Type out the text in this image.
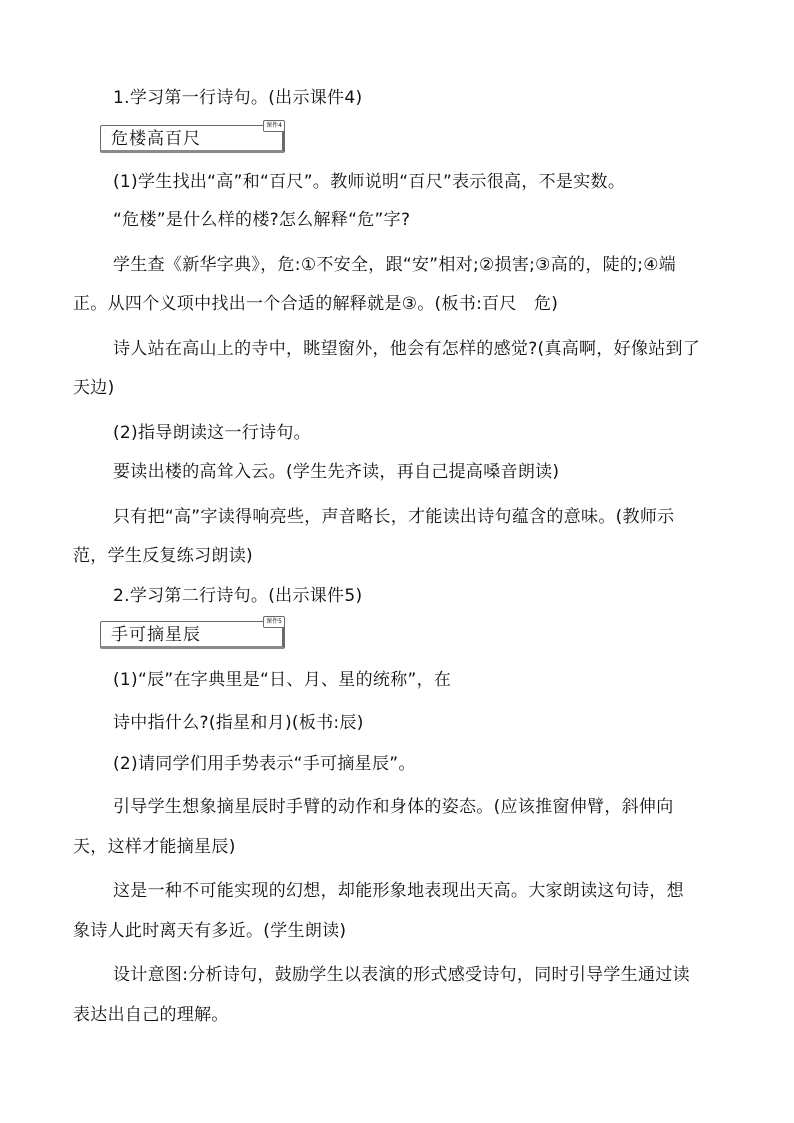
1.学习第一行诗句。(出示课件4)
危楼高百尺
课件4
(1)学生找出“高”和“百尺”。教师说明“百尺”表示很高，不是实数。
“危楼”是什么样的楼?怎么解释“危”字?
学生查《新华字典》，危:①不安全，跟“安”相对;②损害;③高的，陡的;④端
正。从四个义项中找出一个合适的解释就是③。(板书:百尺　危)
诗人站在高山上的寺中，眺望窗外，他会有怎样的感觉?(真高啊，好像站到了
天边)
(2)指导朗读这一行诗句。
要读出楼的高耸入云。(学生先齐读，再自己提高嗓音朗读)
只有把“高”字读得响亮些，声音略长，才能读出诗句蕴含的意味。(教师示
范，学生反复练习朗读)
2.学习第二行诗句。(出示课件5)
手可摘星辰
课件5
(1)“辰”在字典里是“日、月、星的统称”，在
诗中指什么?(指星和月)(板书:辰)
(2)请同学们用手势表示“手可摘星辰”。
引导学生想象摘星辰时手臂的动作和身体的姿态。(应该推窗伸臂，斜伸向
天，这样才能摘星辰)
这是一种不可能实现的幻想，却能形象地表现出天高。大家朗读这句诗，想
象诗人此时离天有多近。(学生朗读)
设计意图:分析诗句，鼓励学生以表演的形式感受诗句，同时引导学生通过读
表达出自己的理解。
